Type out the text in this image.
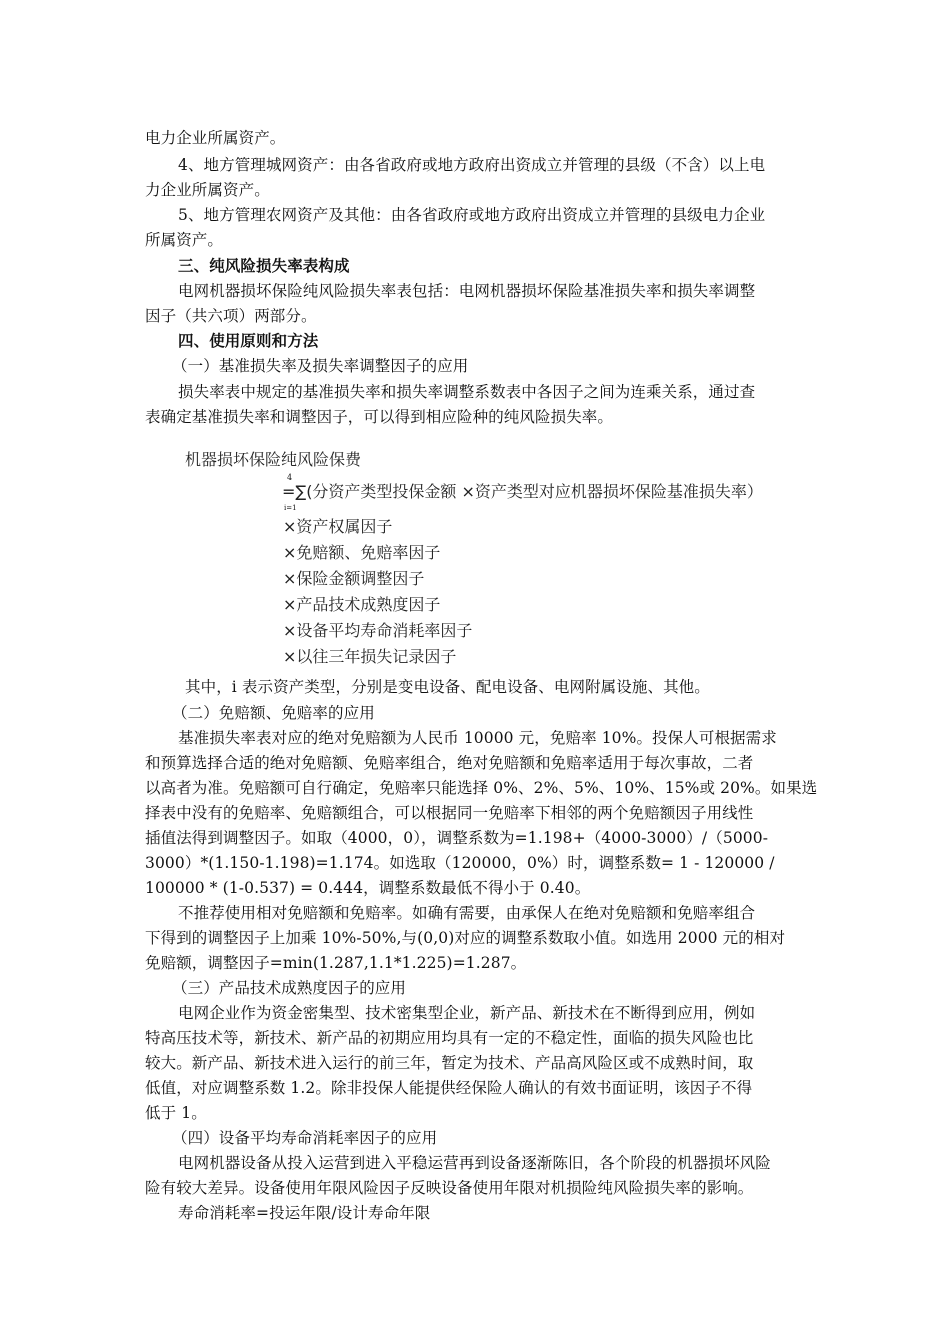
电力企业所属资产。
4、地方管理城网资产：由各省政府或地方政府出资成立并管理的县级（不含）以上电
力企业所属资产。
5、地方管理农网资产及其他：由各省政府或地方政府出资成立并管理的县级电力企业
所属资产。
三、纯风险损失率表构成
电网机器损坏保险纯风险损失率表包括：电网机器损坏保险基准损失率和损失率调整
因子（共六项）两部分。
四、使用原则和方法
（一）基准损失率及损失率调整因子的应用
损失率表中规定的基准损失率和损失率调整系数表中各因子之间为连乘关系，通过查
表确定基准损失率和调整因子，可以得到相应险种的纯风险损失率。
机器损坏保险纯风险保费
4
i=1
=∑(分资产类型投保金额 ×资产类型对应机器损坏保险基准损失率）
×资产权属因子
×免赔额、免赔率因子
×保险金额调整因子
×产品技术成熟度因子
×设备平均寿命消耗率因子
×以往三年损失记录因子
其中，i 表示资产类型，分别是变电设备、配电设备、电网附属设施、其他。
（二）免赔额、免赔率的应用
基准损失率表对应的绝对免赔额为人民币 10000 元，免赔率 10%。投保人可根据需求
和预算选择合适的绝对免赔额、免赔率组合，绝对免赔额和免赔率适用于每次事故，二者
以高者为准。免赔额可自行确定，免赔率只能选择 0%、2%、5%、10%、15%或 20%。如果选
择表中没有的免赔率、免赔额组合，可以根据同一免赔率下相邻的两个免赔额因子用线性
插值法得到调整因子。如取（4000，0），调整系数为=1.198+（4000-3000）/（5000-
3000）*(1.150-1.198)=1.174。如选取（120000，0%）时，调整系数= 1 - 120000 /
100000 * (1-0.537) = 0.444，调整系数最低不得小于 0.40。
不推荐使用相对免赔额和免赔率。如确有需要，由承保人在绝对免赔额和免赔率组合
下得到的调整因子上加乘 10%-50%,与(0,0)对应的调整系数取小值。如选用 2000 元的相对
免赔额，调整因子=min(1.287,1.1*1.225)=1.287。
（三）产品技术成熟度因子的应用
电网企业作为资金密集型、技术密集型企业，新产品、新技术在不断得到应用，例如
特高压技术等，新技术、新产品的初期应用均具有一定的不稳定性，面临的损失风险也比
较大。新产品、新技术进入运行的前三年，暂定为技术、产品高风险区或不成熟时间，取
低值，对应调整系数 1.2。除非投保人能提供经保险人确认的有效书面证明，该因子不得
低于 1。
（四）设备平均寿命消耗率因子的应用
电网机器设备从投入运营到进入平稳运营再到设备逐渐陈旧，各个阶段的机器损坏风险
险有较大差异。设备使用年限风险因子反映设备使用年限对机损险纯风险损失率的影响。
寿命消耗率=投运年限/设计寿命年限
